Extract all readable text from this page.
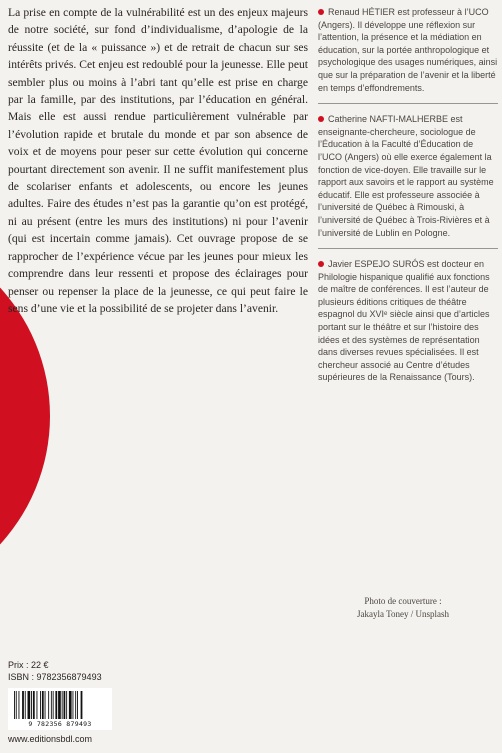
La prise en compte de la vulnérabilité est un des enjeux majeurs de notre société, sur fond d’individualisme, d’apologie de la réussite (et de la « puissance ») et de retrait de chacun sur ses intérêts privés. Cet enjeu est redoublé pour la jeunesse. Elle peut sembler plus ou moins à l’abri tant qu’elle est prise en charge par la famille, par des institutions, par l’éducation en général. Mais elle est aussi rendue particulièrement vulnérable par l’évolution rapide et brutale du monde et par son absence de voix et de moyens pour peser sur cette évolution qui concerne pourtant directement son avenir. Il ne suffit manifestement plus de scolariser enfants et adolescents, ou encore les jeunes adultes. Faire des études n’est pas la garantie qu’on est protégé, ni au présent (entre les murs des institutions) ni pour l’avenir (qui est incertain comme jamais). Cet ouvrage propose de se rapprocher de l’expérience vécue par les jeunes pour mieux les comprendre dans leur ressenti et propose des éclairages pour penser ou repenser la place de la jeunesse, ce qui peut faire le sens d’une vie et la possibilité de se projeter dans l’avenir.

Renaud HÉTIER est professeur à l’UCO (Angers). Il développe une réflexion sur l’attention, la présence et la médiation en éducation, sur la portée anthropologique et psychologique des usages numériques, ainsi que sur la préparation de l’avenir et la liberté en temps d’effondrements.

Catherine NAFTI-MALHERBE est enseignante-chercheure, sociologue de l’Éducation à la Faculté d’Éducation de l’UCO (Angers) où elle exerce également la fonction de vice-doyen. Elle travaille sur le rapport aux savoirs et le rapport au système éducatif. Elle est professeure associée à l’université de Québec à Rimouski, à l’université de Québec à Trois-Rivières et à l’université de Lublin en Pologne.

Javier ESPEJO SURÓS est docteur en Philologie hispanique qualifié aux fonctions de maître de conférences. Il est l’auteur de plusieurs éditions critiques de théâtre espagnol du XVIᵉ siècle ainsi que d’articles portant sur le théâtre et sur l’histoire des idées et des systèmes de représentation dans diverses revues spécialisées. Il est chercheur associé au Centre d’études supérieures de la Renaissance (Tours).

Photo de couverture :
Jakayla Toney / Unsplash
Prix : 22 €
ISBN : 9782356879493
9 782356 879493
www.editionsbdl.com
